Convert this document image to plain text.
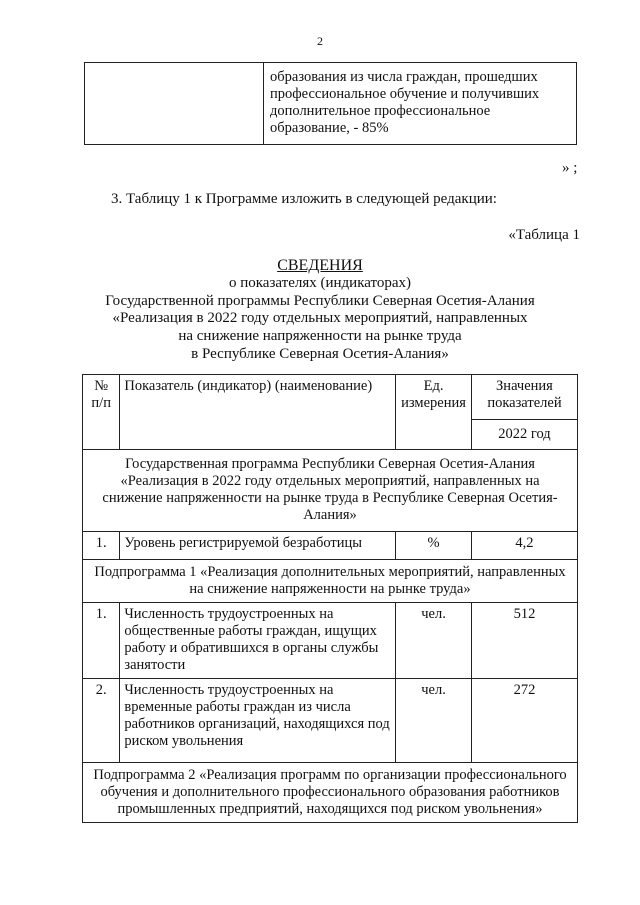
2
	образования из числа граждан, прошедших профессиональное обучение и получивших дополнительное профессиональное образование, - 85%
» ;
3. Таблицу 1 к Программе изложить в следующей редакции:
«Таблица 1
СВЕДЕНИЯ
о показателях (индикаторах)
Государственной программы Республики Северная Осетия-Алания
«Реализация в 2022 году отдельных мероприятий, направленных
на снижение напряженности на рынке труда
в Республике Северная Осетия-Алания»
№ п/п	Показатель (индикатор) (наименование)	Ед. измерения	Значения показателей
			2022 год
Государственная программа Республики Северная Осетия-Алания «Реализация в 2022 году отдельных мероприятий, направленных на снижение напряженности на рынке труда в Республике Северная Осетия-Алания»			
1.	Уровень регистрируемой безработицы	%	4,2
Подпрограмма 1 «Реализация дополнительных мероприятий, направленных на снижение напряженности на рынке труда»			
1.	Численность трудоустроенных на общественные работы граждан, ищущих работу и обратившихся в органы службы занятости	чел.	512
2.	Численность трудоустроенных на временные работы граждан из числа работников организаций, находящихся под риском увольнения	чел.	272
Подпрограмма 2 «Реализация программ по организации профессионального обучения и дополнительного профессионального образования работников промышленных предприятий, находящихся под риском увольнения»			
